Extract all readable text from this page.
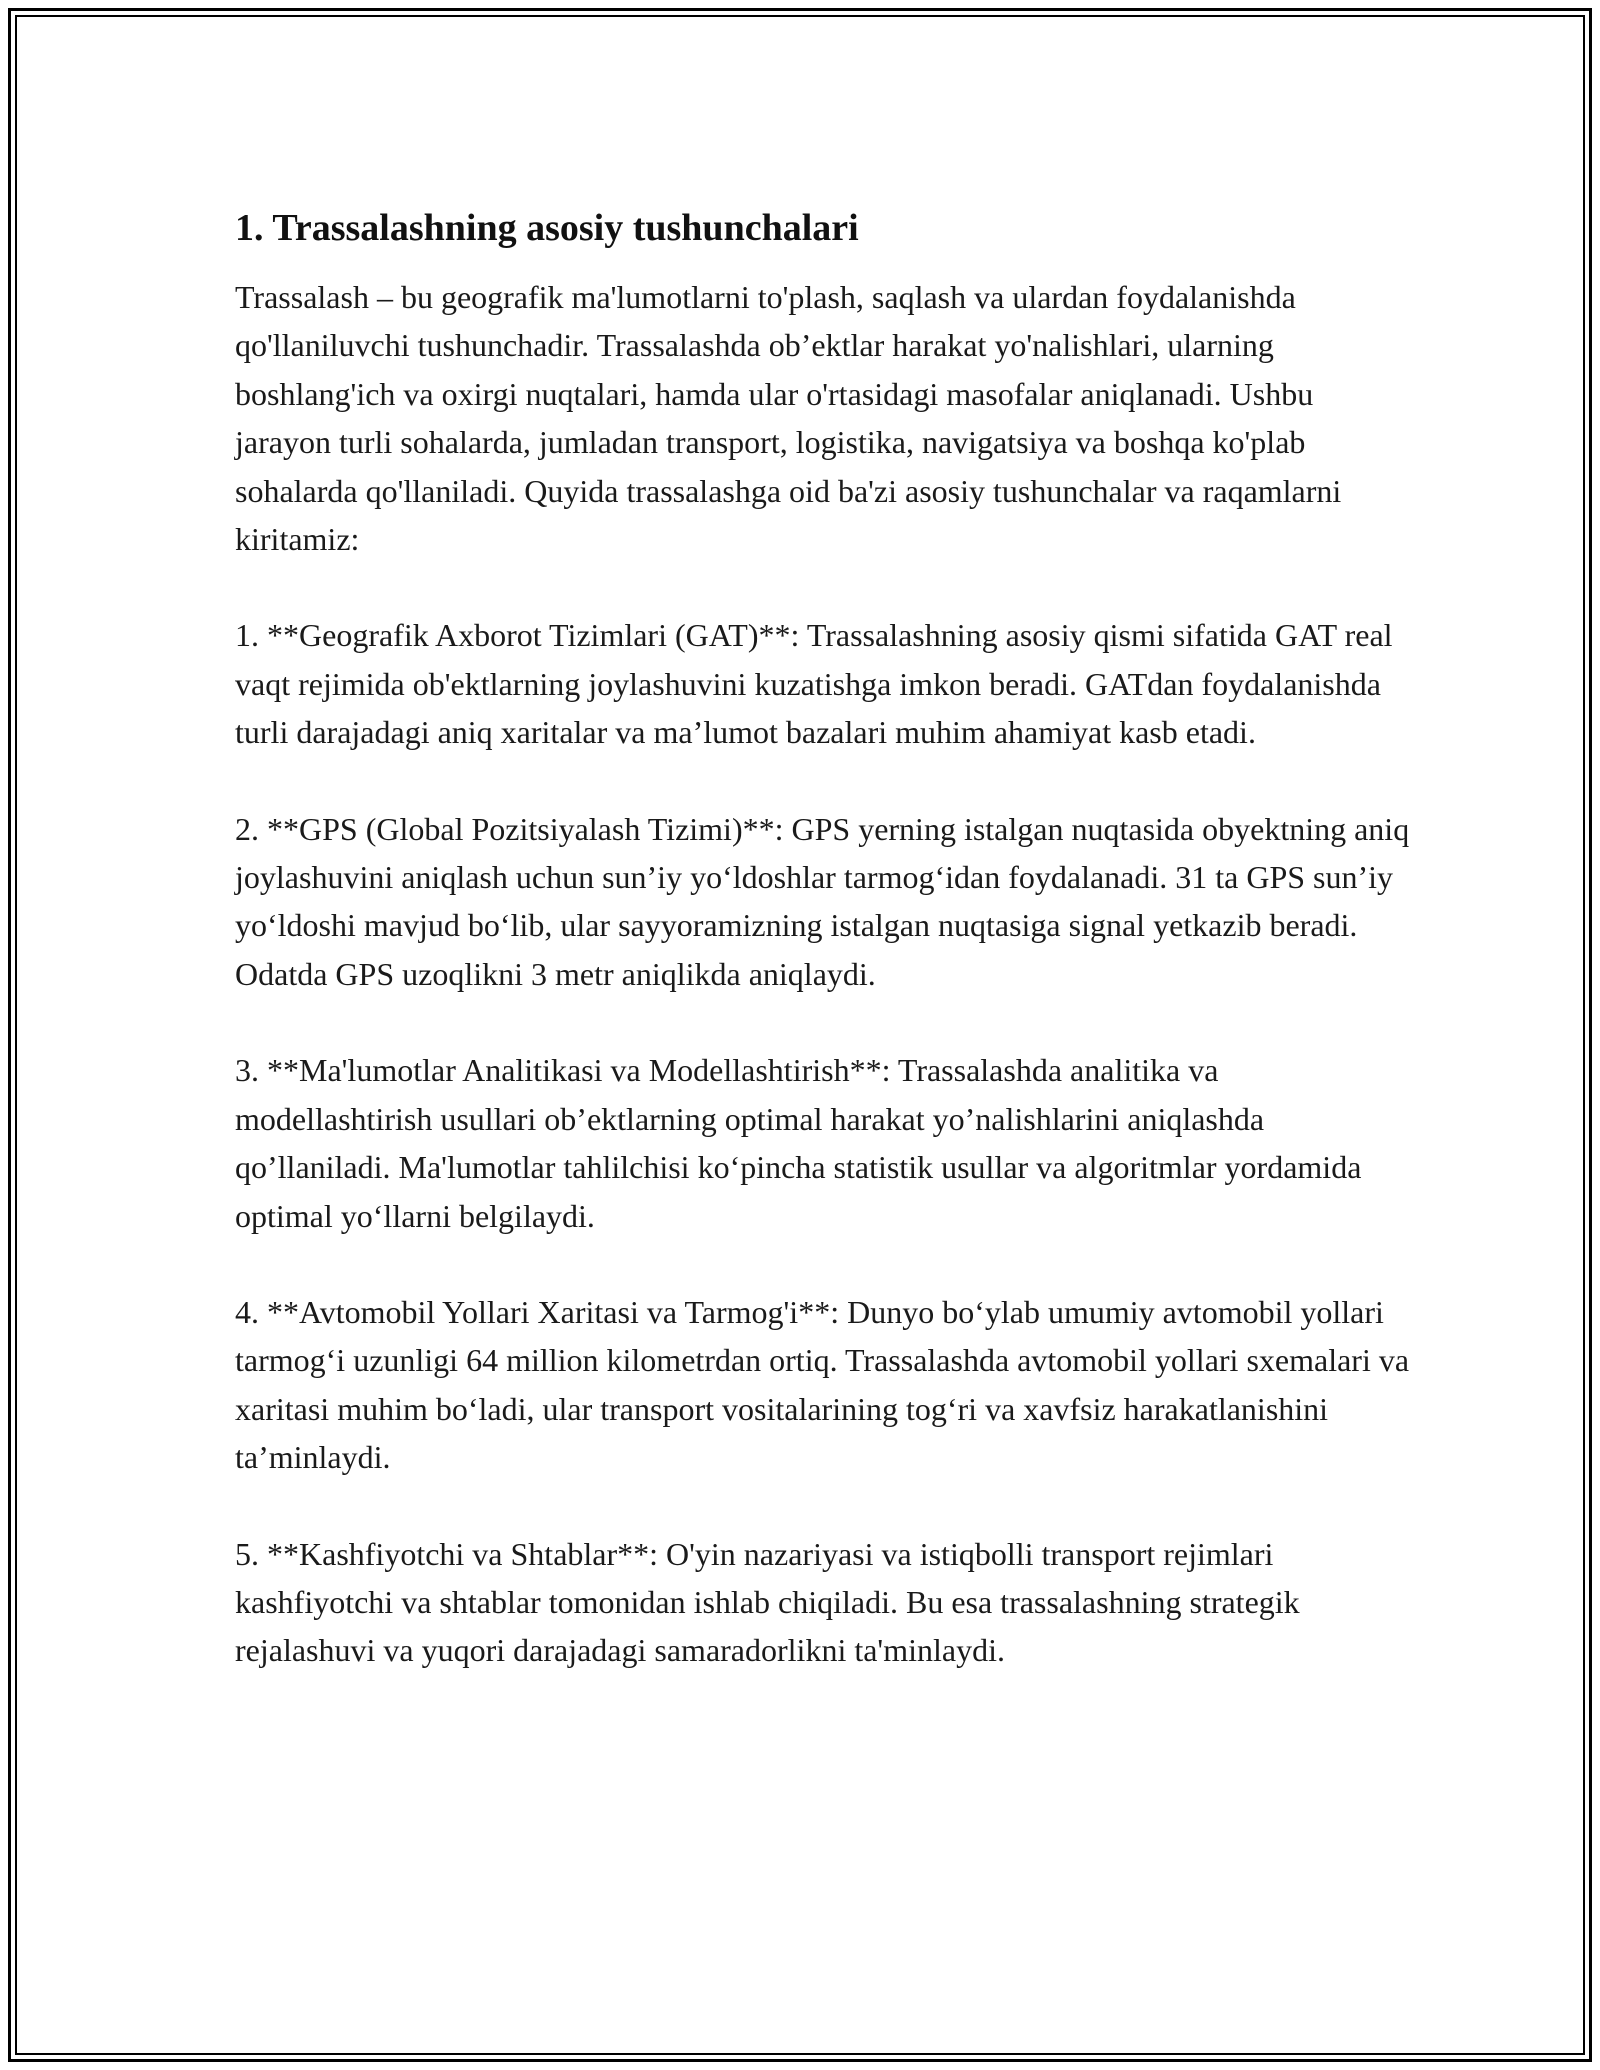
1. Trassalashning asosiy tushunchalari

Trassalash – bu geografik ma'lumotlarni to'plash, saqlash va ulardan foydalanishda qo'llaniluvchi tushunchadir. Trassalashda ob’ektlar harakat yo'nalishlari, ularning boshlang'ich va oxirgi nuqtalari, hamda ular o'rtasidagi masofalar aniqlanadi. Ushbu jarayon turli sohalarda, jumladan transport, logistika, navigatsiya va boshqa ko'plab sohalarda qo'llaniladi. Quyida trassalashga oid ba'zi asosiy tushunchalar va raqamlarni kiritamiz:

1. **Geografik Axborot Tizimlari (GAT)**: Trassalashning asosiy qismi sifatida GAT real vaqt rejimida ob'ektlarning joylashuvini kuzatishga imkon beradi. GATdan foydalanishda turli darajadagi aniq xaritalar va ma’lumot bazalari muhim ahamiyat kasb etadi.

2. **GPS (Global Pozitsiyalash Tizimi)**: GPS yerning istalgan nuqtasida obyektning aniq joylashuvini aniqlash uchun sun’iy yo‘ldoshlar tarmog‘idan foydalanadi. 31 ta GPS sun’iy yo‘ldoshi mavjud bo‘lib, ular sayyoramizning istalgan nuqtasiga signal yetkazib beradi. Odatda GPS uzoqlikni 3 metr aniqlikda aniqlaydi.

3. **Ma'lumotlar Analitikasi va Modellashtirish**: Trassalashda analitika va modellashtirish usullari ob’ektlarning optimal harakat yo’nalishlarini aniqlashda qo’llaniladi. Ma'lumotlar tahlilchisi ko‘pincha statistik usullar va algoritmlar yordamida optimal yo‘llarni belgilaydi.

4. **Avtomobil Yollari Xaritasi va Tarmog'i**: Dunyo bo‘ylab umumiy avtomobil yollari tarmog‘i uzunligi 64 million kilometrdan ortiq. Trassalashda avtomobil yollari sxemalari va xaritasi muhim bo‘ladi, ular transport vositalarining tog‘ri va xavfsiz harakatlanishini ta’minlaydi.

5. **Kashfiyotchi va Shtablar**: O'yin nazariyasi va istiqbolli transport rejimlari kashfiyotchi va shtablar tomonidan ishlab chiqiladi. Bu esa trassalashning strategik rejalashuvi va yuqori darajadagi samaradorlikni ta'minlaydi.
